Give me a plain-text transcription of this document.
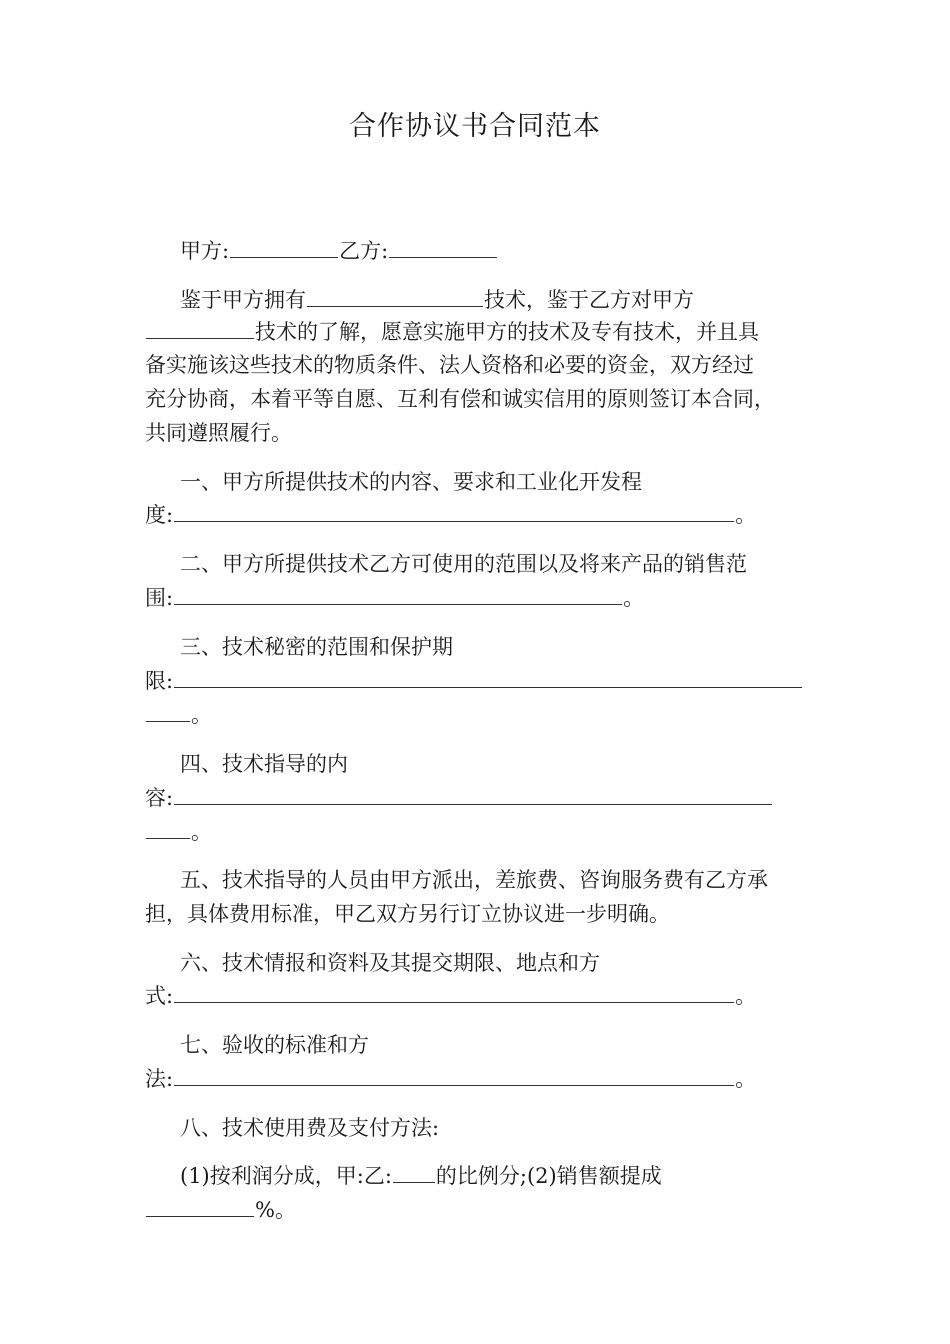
合作协议书合同范本
甲方:	乙方:
鉴于甲方拥有	技术，鉴于乙方对甲方
技术的了解，愿意实施甲方的技术及专有技术，并且具
备实施该这些技术的物质条件、法人资格和必要的资金，双方经过
充分协商，本着平等自愿、互利有偿和诚实信用的原则签订本合同，
共同遵照履行。
一、甲方所提供技术的内容、要求和工业化开发程
度:	。
二、甲方所提供技术乙方可使用的范围以及将来产品的销售范
围:	。
三、技术秘密的范围和保护期
限:
。
四、技术指导的内
容:
。
五、技术指导的人员由甲方派出，差旅费、咨询服务费有乙方承
担，具体费用标准，甲乙双方另行订立协议进一步明确。
六、技术情报和资料及其提交期限、地点和方
式:	。
七、验收的标准和方
法:	。
八、技术使用费及支付方法:
(1)按利润分成，甲:乙: 的比例分;(2)销售额提成
%。
